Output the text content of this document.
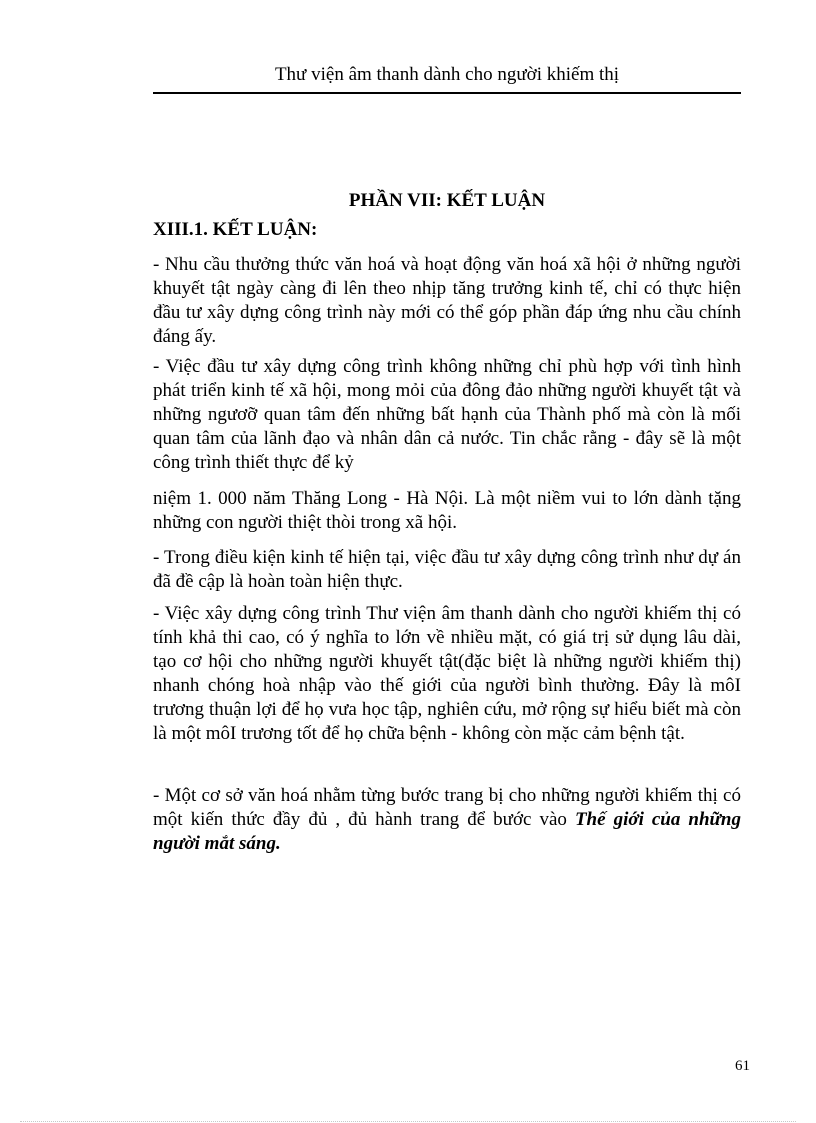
Thư viện âm thanh dành cho người khiếm thị
PHẦN VII: KẾT LUẬN
XIII.1. KẾT LUẬN:

- Nhu cầu thưởng thức văn hoá và hoạt động văn hoá xã hội ở những người khuyết tật ngày càng đi lên theo nhịp tăng trưởng kinh tế, chỉ có thực hiện đầu tư xây dựng công trình này mới có thể góp phần đáp ứng nhu cầu chính đáng ấy.

- Việc đầu tư xây dựng công trình không những chỉ phù hợp với tình hình phát triển kinh tế xã hội, mong mỏi của đông đảo những người khuyết tật và những ngươỡ quan tâm đến những bất hạnh của Thành phố mà còn là mối quan tâm của lãnh đạo và nhân dân cả nước. Tin chắc rằng - đây sẽ là một công trình thiết thực để kỷ

niệm 1. 000 năm Thăng Long - Hà Nội. Là một niềm vui to lớn dành tặng những con người thiệt thòi trong xã hội.

- Trong điều kiện kinh tế hiện tại, việc đầu tư xây dựng công trình như dự án đã đề cập là hoàn toàn hiện thực.

- Việc xây dựng công trình Thư viện âm thanh dành cho người khiếm thị có tính khả thi cao, có ý nghĩa to lớn về nhiều mặt, có giá trị sử dụng lâu dài, tạo cơ hội cho những người khuyết tật(đặc biệt là những người khiếm thị) nhanh chóng hoà nhập vào thế giới của người bình thường. Đây là môI trương thuận lợi để họ vưa học tập, nghiên cứu, mở rộng sự hiểu biết mà còn là một môI trương tốt để họ chữa bệnh - không còn mặc cảm bệnh tật.

- Một cơ sở văn hoá nhằm từng bước trang bị cho những người khiếm thị có một kiến thức đầy đủ , đủ hành trang để bước vào Thế giới của những người mắt sáng.

61
